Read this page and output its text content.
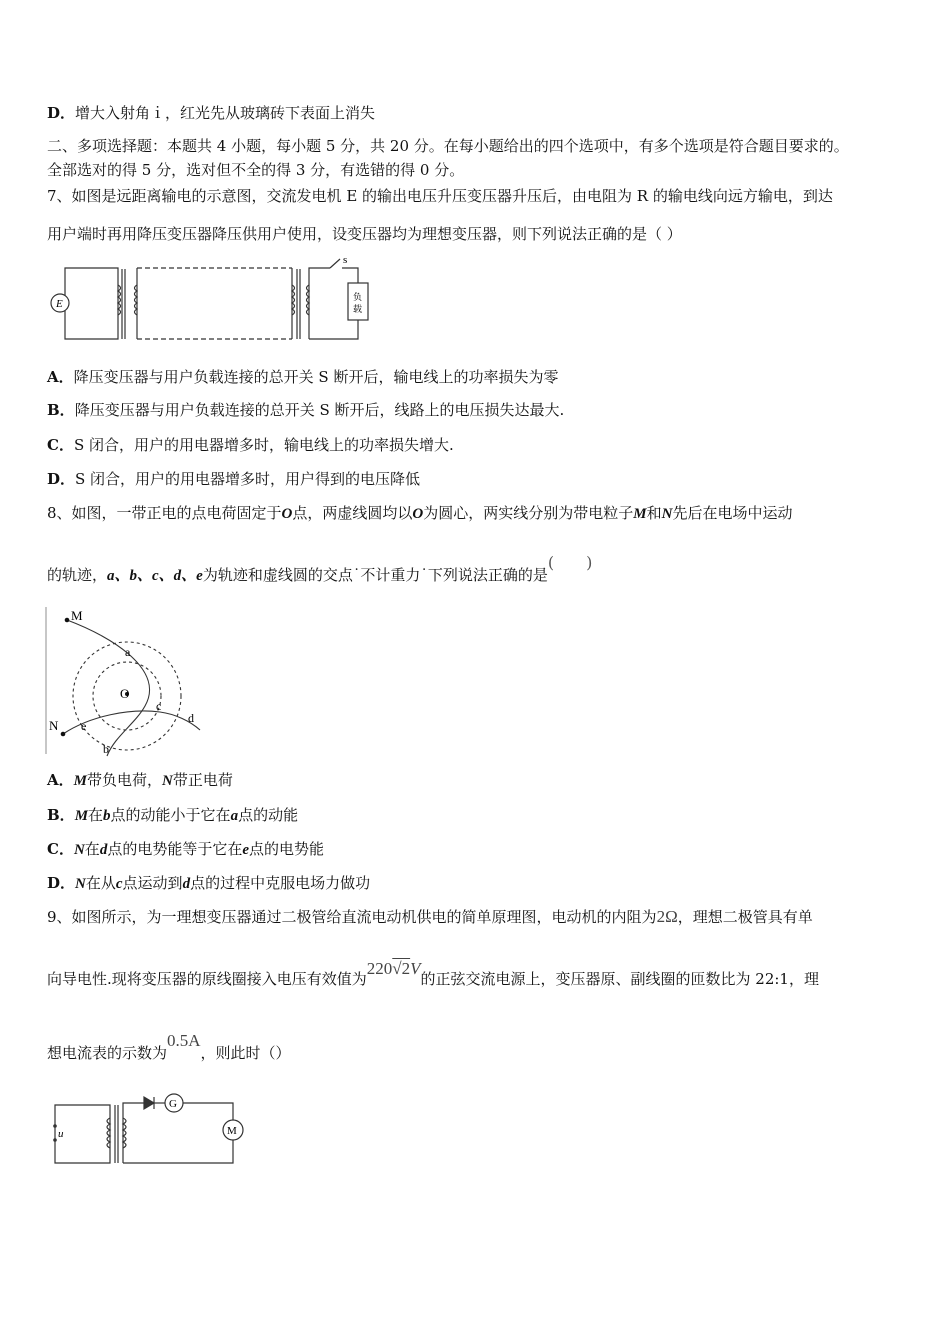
D．增大入射角ｉ，红光先从玻璃砖下表面上消失
二、多项选择题：本题共 4 小题，每小题 5 分，共 20 分。在每小题给出的四个选项中，有多个选项是符合题目要求的。
全部选对的得 5 分，选对但不全的得 3 分，有选错的得 0 分。
7、如图是远距离输电的示意图，交流发电机 E 的输出电压升压变压器升压后，由电阻为 R 的输电线向远方输电，到达
用户端时再用降压变压器降压供用户使用，设变压器均为理想变压器，则下列说法正确的是（ ）
E
s
负
载
A．降压变压器与用户负载连接的总开关 S 断开后，输电线上的功率损失为零
B．降压变压器与用户负载连接的总开关 S 断开后，线路上的电压损失达最大.
C．S 闭合，用户的用电器增多时，输电线上的功率损失增大.
D．S 闭合，用户的用电器增多时，用户得到的电压降低
8、如图，一带正电的点电荷固定于O点，两虚线圆均以O为圆心，两实线分别为带电粒子M和N先后在电场中运动
的轨迹，a、b、c、d、e为轨迹和虚线圆的交点˙不计重力˙下列说法正确的是(　　)
M
N
O
a
b
c
d
e
A．M带负电荷，N带正电荷
B．M在b点的动能小于它在a点的动能
C．N在d点的电势能等于它在e点的电势能
D．N在从c点运动到d点的过程中克服电场力做功
9、如图所示，为一理想变压器通过二极管给直流电动机供电的简单原理图，电动机的内阻为2Ω，理想二极管具有单
向导电性.现将变压器的原线圈接入电压有效值为220√2V的正弦交流电源上，变压器原、副线圈的匝数比为 22:1，理
想电流表的示数为0.5A，则此时（）
u
G
M
